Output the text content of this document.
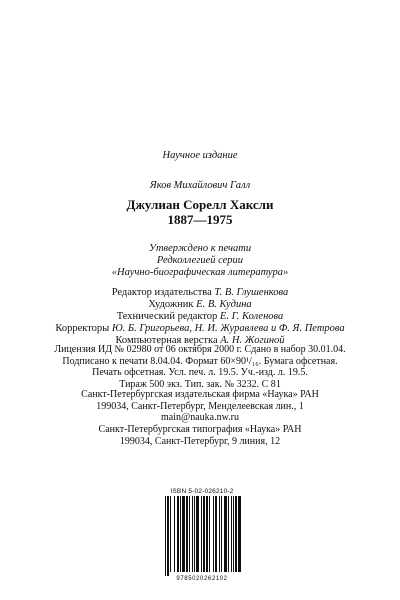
Научное издание
Яков Михайлович Галл
Джулиан Сорелл Хаксли
1887—1975
Утверждено к печати
Редколлегией серии
«Научно-биографическая литература»
Редактор издательства Т. В. Глушенкова
Художник Е. В. Кудина
Технический редактор Е. Г. Коленова
Корректоры Ю. Б. Григорьева, Н. И. Журавлева и Ф. Я. Петрова
Компьютерная верстка А. Н. Жогиной
Лицензия ИД № 02980 от 06 октября 2000 г. Сдано в набор 30.01.04.
Подписано к печати 8.04.04. Формат 60×90¹/₁₆. Бумага офсетная.
Печать офсетная. Усл. печ. л. 19.5. Уч.-изд. л. 19.5.
Тираж 500 экз. Тип. зак. № 3232. С 81
Санкт-Петербургская издательская фирма «Наука» РАН
199034, Санкт-Петербург, Менделеевская лин., 1
main@nauka.nw.ru
Санкт-Петербургская типография «Наука» РАН
199034, Санкт-Петербург, 9 линия, 12
ISBN 5-02-026210-2
9785020262102
